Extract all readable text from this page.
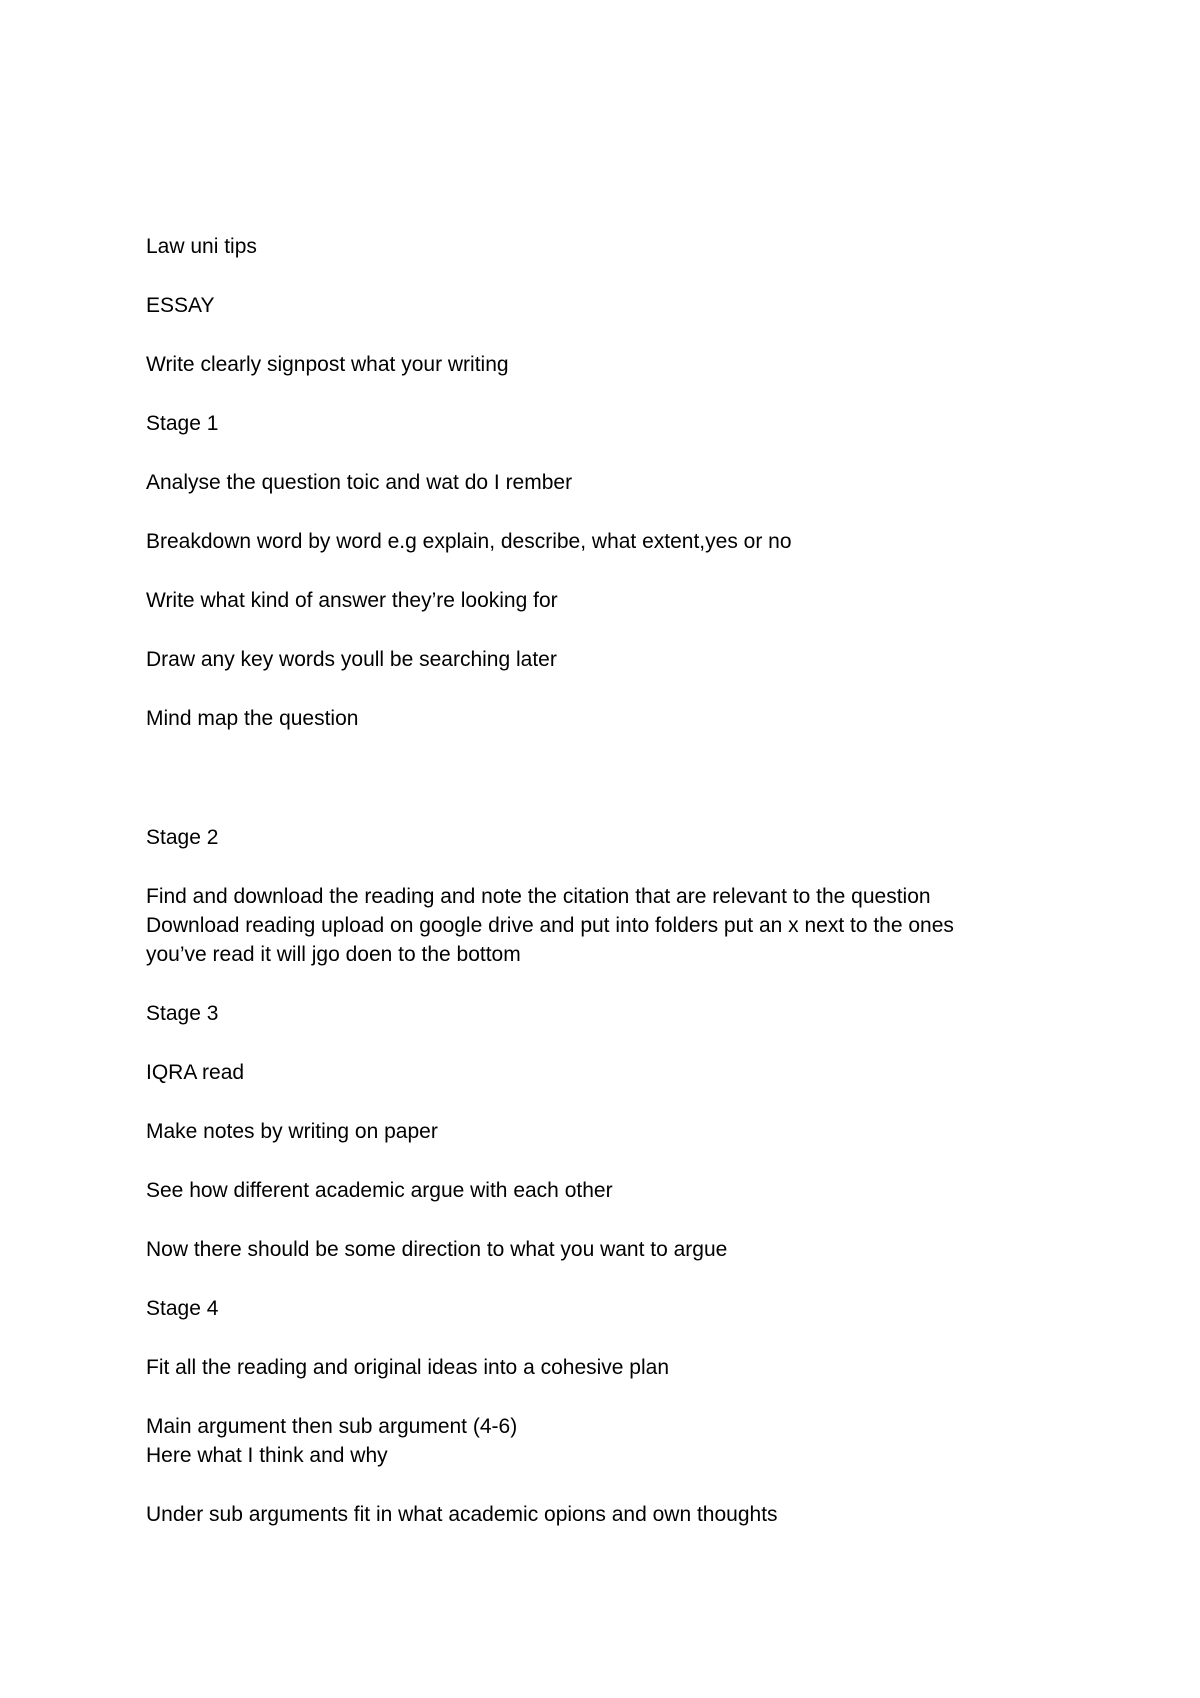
Law uni tips

ESSAY

Write clearly signpost what your writing

Stage 1

Analyse the question toic and wat do I rember

Breakdown word by word e.g explain, describe, what extent,yes or no

Write what kind of answer they’re looking for

Draw any key words youll be searching later

Mind map the question

Stage 2

Find and download the reading and note the citation that are relevant to the question
Download reading upload on google drive and put into folders put an x next to the ones
you’ve read it will jgo doen to the bottom

Stage 3

IQRA read

Make notes by writing on paper

See how different academic argue with each other

Now there should be some direction to what you want to argue

Stage 4

Fit all the reading and original ideas into a cohesive plan

Main argument then sub argument (4-6)
Here what I think and why

Under sub arguments fit in what academic opions and own thoughts
